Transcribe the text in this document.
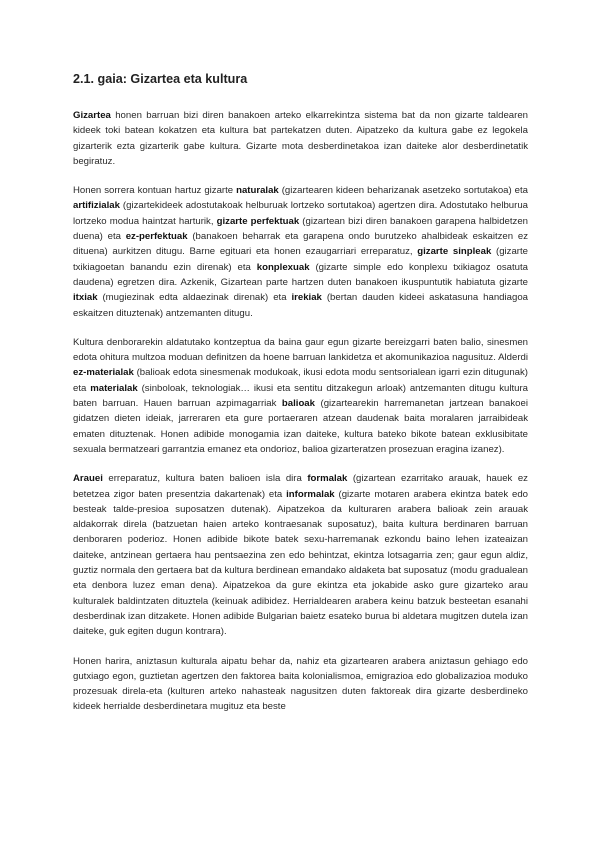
2.1. gaia: Gizartea eta kultura

Gizartea honen barruan bizi diren banakoen arteko elkarrekintza sistema bat da non gizarte taldearen kideek toki batean kokatzen eta kultura bat partekatzen duten. Aipatzeko da kultura gabe ez legokela gizarterik ezta gizarterik gabe kultura. Gizarte mota desberdinetakoa izan daiteke alor desberdinetatik begiratuz.

Honen sorrera kontuan hartuz gizarte naturalak (gizartearen kideen beharizanak asetzeko sortutakoa) eta artifizialak (gizartekideek adostutakoak helburuak lortzeko sortutakoa) agertzen dira. Adostutako helburua lortzeko modua haintzat harturik, gizarte perfektuak (gizartean bizi diren banakoen garapena halbidetzen duena) eta ez-perfektuak (banakoen beharrak eta garapena ondo burutzeko ahalbideak eskaitzen ez dituena) aurkitzen ditugu. Barne egituari eta honen ezaugarriari erreparatuz, gizarte sinpleak (gizarte txikiagoetan banandu ezin direnak) eta konplexuak (gizarte simple edo konplexu txikiagoz osatuta daudena) egretzen dira. Azkenik, Gizartean parte hartzen duten banakoen ikuspuntutik habiatuta gizarte itxiak (mugiezinak edta aldaezinak direnak) eta irekiak (bertan dauden kideei askatasuna handiagoa eskaitzen dituztenak) antzemanten ditugu.

Kultura denborarekin aldatutako kontzeptua da baina gaur egun gizarte bereizgarri baten balio, sinesmen edota ohitura multzoa moduan definitzen da hoene barruan lankidetza et akomunikazioa nagusituz. Alderdi ez-materialak (balioak edota sinesmenak modukoak, ikusi edota modu sentsorialean igarri ezin ditugunak) eta materialak (sinboloak, teknologiak… ikusi eta sentitu ditzakegun arloak) antzemanten ditugu kultura baten barruan. Hauen barruan azpimagarriak balioak (gizartearekin harremanetan jartzean banakoei gidatzen dieten ideiak, jarreraren eta gure portaeraren atzean daudenak baita moralaren jarraibideak ematen dituztenak. Honen adibide monogamia izan daiteke, kultura bateko bikote batean exklusibitate sexuala bermatzeari garrantzia emanez eta ondorioz, balioa gizarteratzen prosezuan eragina izanez).

Arauei erreparatuz, kultura baten balioen isla dira formalak (gizartean ezarritako arauak, hauek ez betetzea zigor baten presentzia dakartenak) eta informalak (gizarte motaren arabera ekintza batek edo besteak talde-presioa suposatzen dutenak). Aipatzekoa da kulturaren arabera balioak zein arauak aldakorrak direla (batzuetan haien arteko kontraesanak suposatuz), baita kultura berdinaren barruan denboraren poderioz. Honen adibide bikote batek sexu-harremanak ezkondu baino lehen izateaizan daiteke, antzinean gertaera hau pentsaezina zen edo behintzat, ekintza lotsagarria zen; gaur egun aldiz, guztiz normala den gertaera bat da kultura berdinean emandako aldaketa bat suposatuz (modu gradualean eta denbora luzez eman dena). Aipatzekoa da gure ekintza eta jokabide asko gure gizarteko arau kulturalek baldintzaten dituztela (keinuak adibidez. Herrialdearen arabera keinu batzuk besteetan esanahi desberdinak izan ditzakete. Honen adibide Bulgarian baietz esateko burua bi aldetara mugitzen dutela izan daiteke, guk egiten dugun kontrara).

Honen harira, aniztasun kulturala aipatu behar da, nahiz eta gizartearen arabera aniztasun gehiago edo gutxiago egon, guztietan agertzen den faktorea baita kolonialismoa, emigrazioa edo globalizazioa moduko prozesuak direla-eta (kulturen arteko nahasteak nagusitzen duten faktoreak dira gizarte desberdineko kideek herrialde desberdinetara mugituz eta beste
